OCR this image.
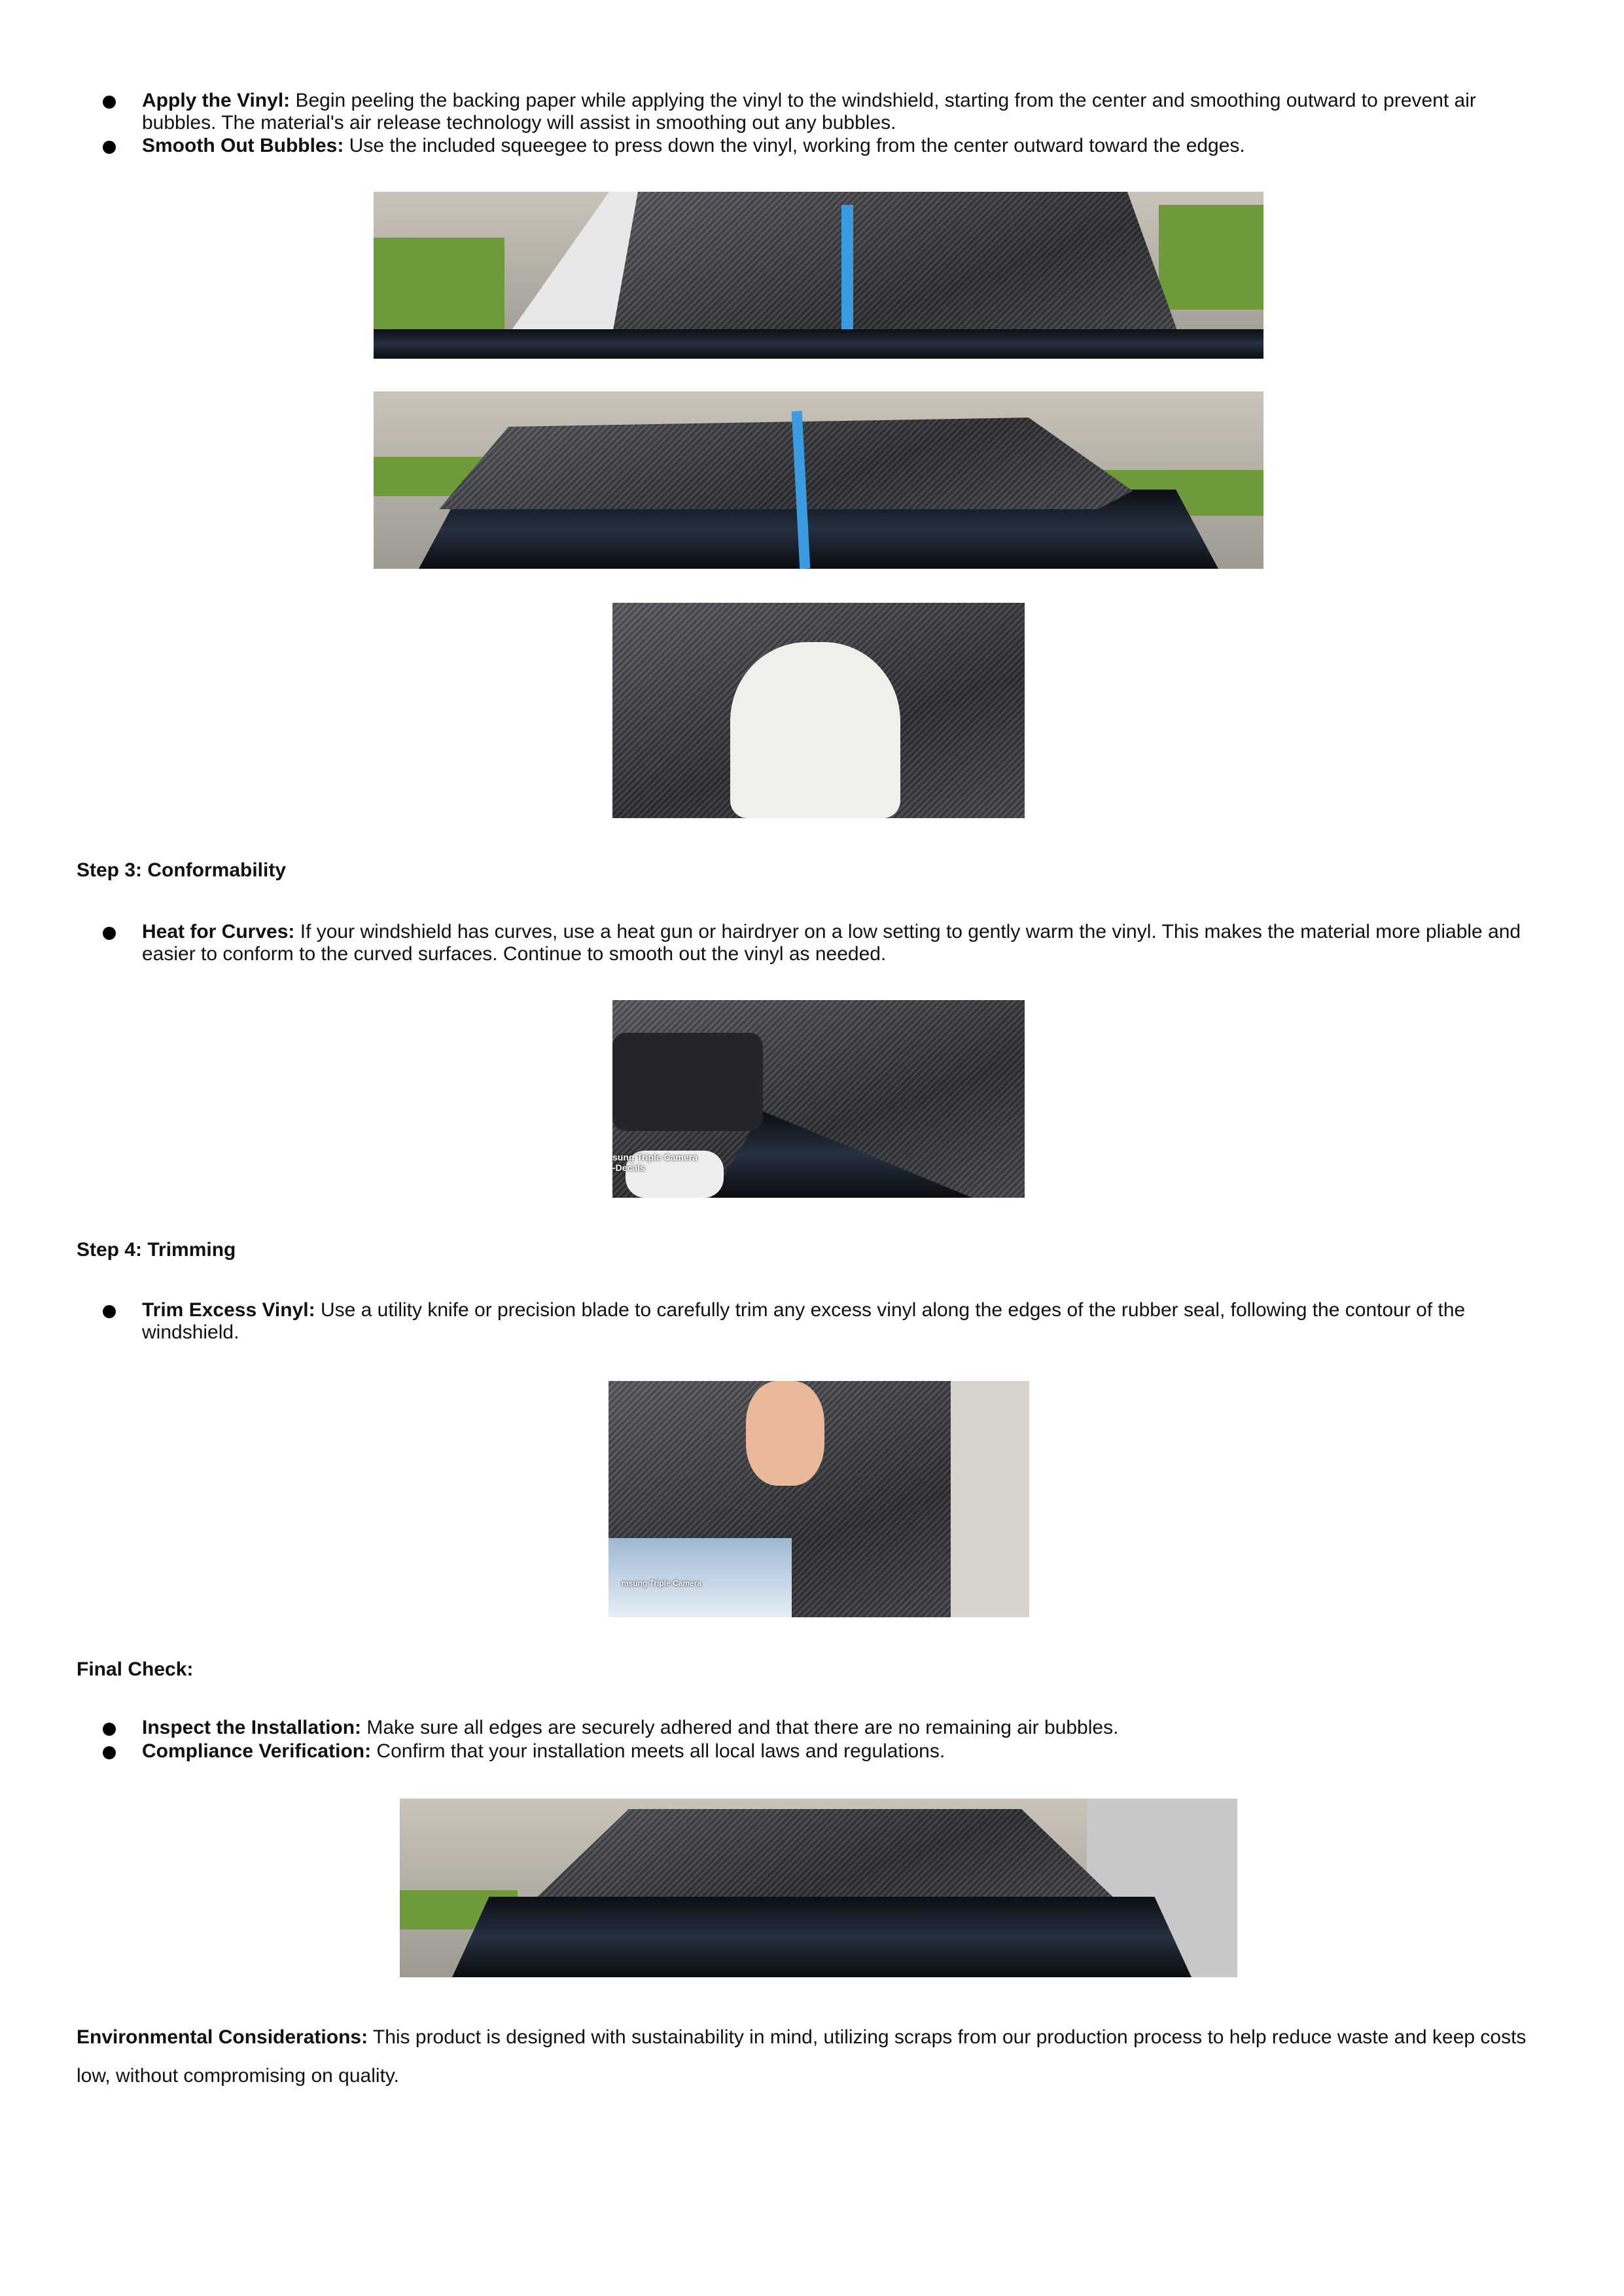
Apply the Vinyl: Begin peeling the backing paper while applying the vinyl to the windshield, starting from the center and smoothing outward to prevent air bubbles. The material's air release technology will assist in smoothing out any bubbles.
Smooth Out Bubbles: Use the included squeegee to press down the vinyl, working from the center outward toward the edges.
Step 3: Conformability
Heat for Curves: If your windshield has curves, use a heat gun or hairdryer on a low setting to gently warm the vinyl. This makes the material more pliable and easier to conform to the curved surfaces. Continue to smooth out the vinyl as needed.
sung Triple Camera
-Decals
Step 4: Trimming
Trim Excess Vinyl: Use a utility knife or precision blade to carefully trim any excess vinyl along the edges of the rubber seal, following the contour of the windshield.
msung Triple Camera
Final Check:
Inspect the Installation: Make sure all edges are securely adhered and that there are no remaining air bubbles.
Compliance Verification: Confirm that your installation meets all local laws and regulations.
Environmental Considerations: This product is designed with sustainability in mind, utilizing scraps from our production process to help reduce waste and keep costs low, without compromising on quality.
